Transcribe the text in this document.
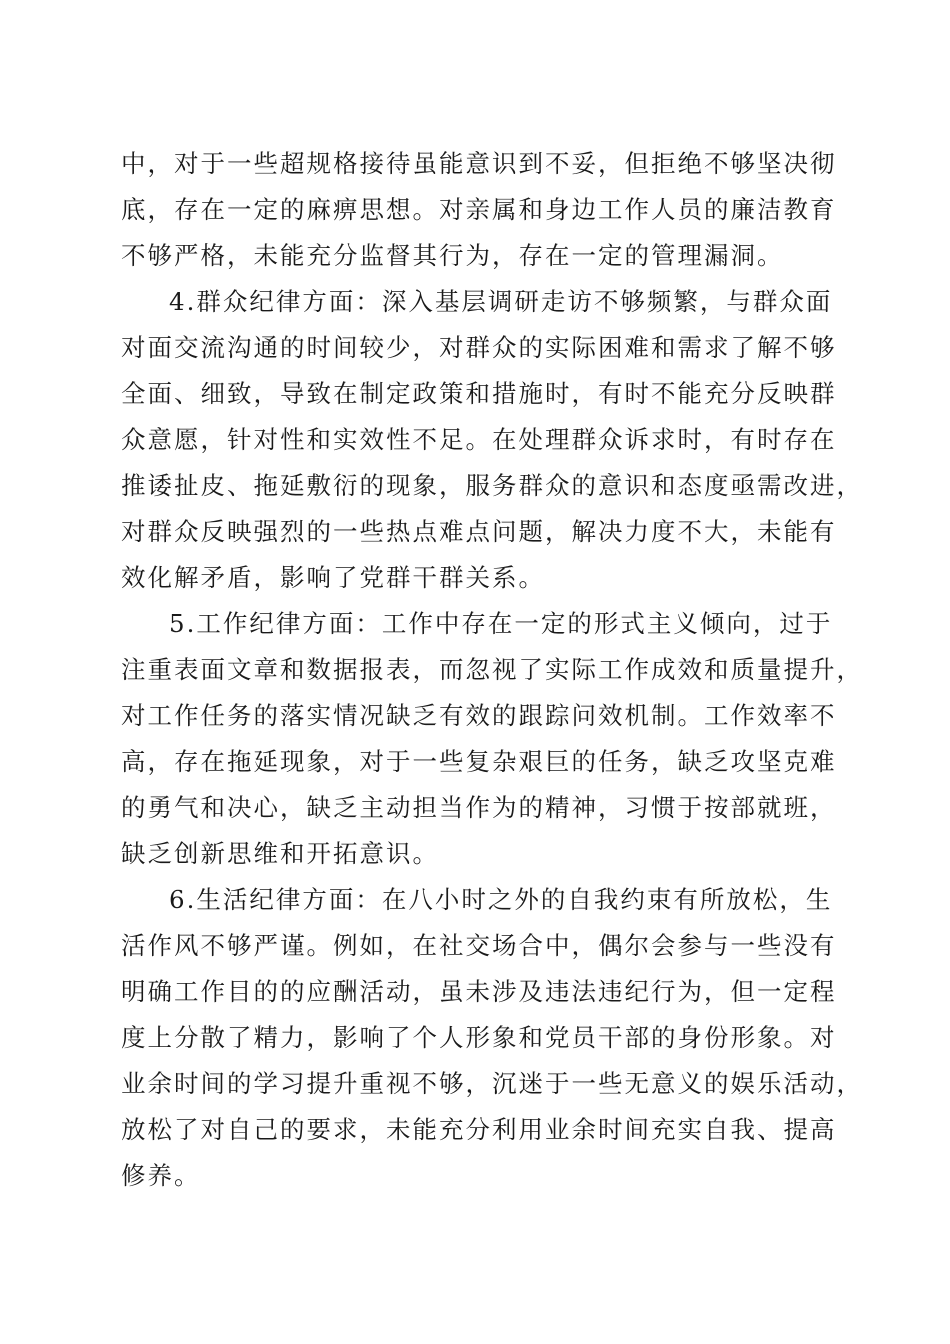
中，对于一些超规格接待虽能意识到不妥，但拒绝不够坚决彻
底，存在一定的麻痹思想。对亲属和身边工作人员的廉洁教育
不够严格，未能充分监督其行为，存在一定的管理漏洞。
4.群众纪律方面：深入基层调研走访不够频繁，与群众面
对面交流沟通的时间较少，对群众的实际困难和需求了解不够
全面、细致，导致在制定政策和措施时，有时不能充分反映群
众意愿，针对性和实效性不足。在处理群众诉求时，有时存在
推诿扯皮、拖延敷衍的现象，服务群众的意识和态度亟需改进，
对群众反映强烈的一些热点难点问题，解决力度不大，未能有
效化解矛盾，影响了党群干群关系。
5.工作纪律方面：工作中存在一定的形式主义倾向，过于
注重表面文章和数据报表，而忽视了实际工作成效和质量提升，
对工作任务的落实情况缺乏有效的跟踪问效机制。工作效率不
高，存在拖延现象，对于一些复杂艰巨的任务，缺乏攻坚克难
的勇气和决心，缺乏主动担当作为的精神，习惯于按部就班，
缺乏创新思维和开拓意识。
6.生活纪律方面：在八小时之外的自我约束有所放松，生
活作风不够严谨。例如，在社交场合中，偶尔会参与一些没有
明确工作目的的应酬活动，虽未涉及违法违纪行为，但一定程
度上分散了精力，影响了个人形象和党员干部的身份形象。对
业余时间的学习提升重视不够，沉迷于一些无意义的娱乐活动，
放松了对自己的要求，未能充分利用业余时间充实自我、提高
修养。
